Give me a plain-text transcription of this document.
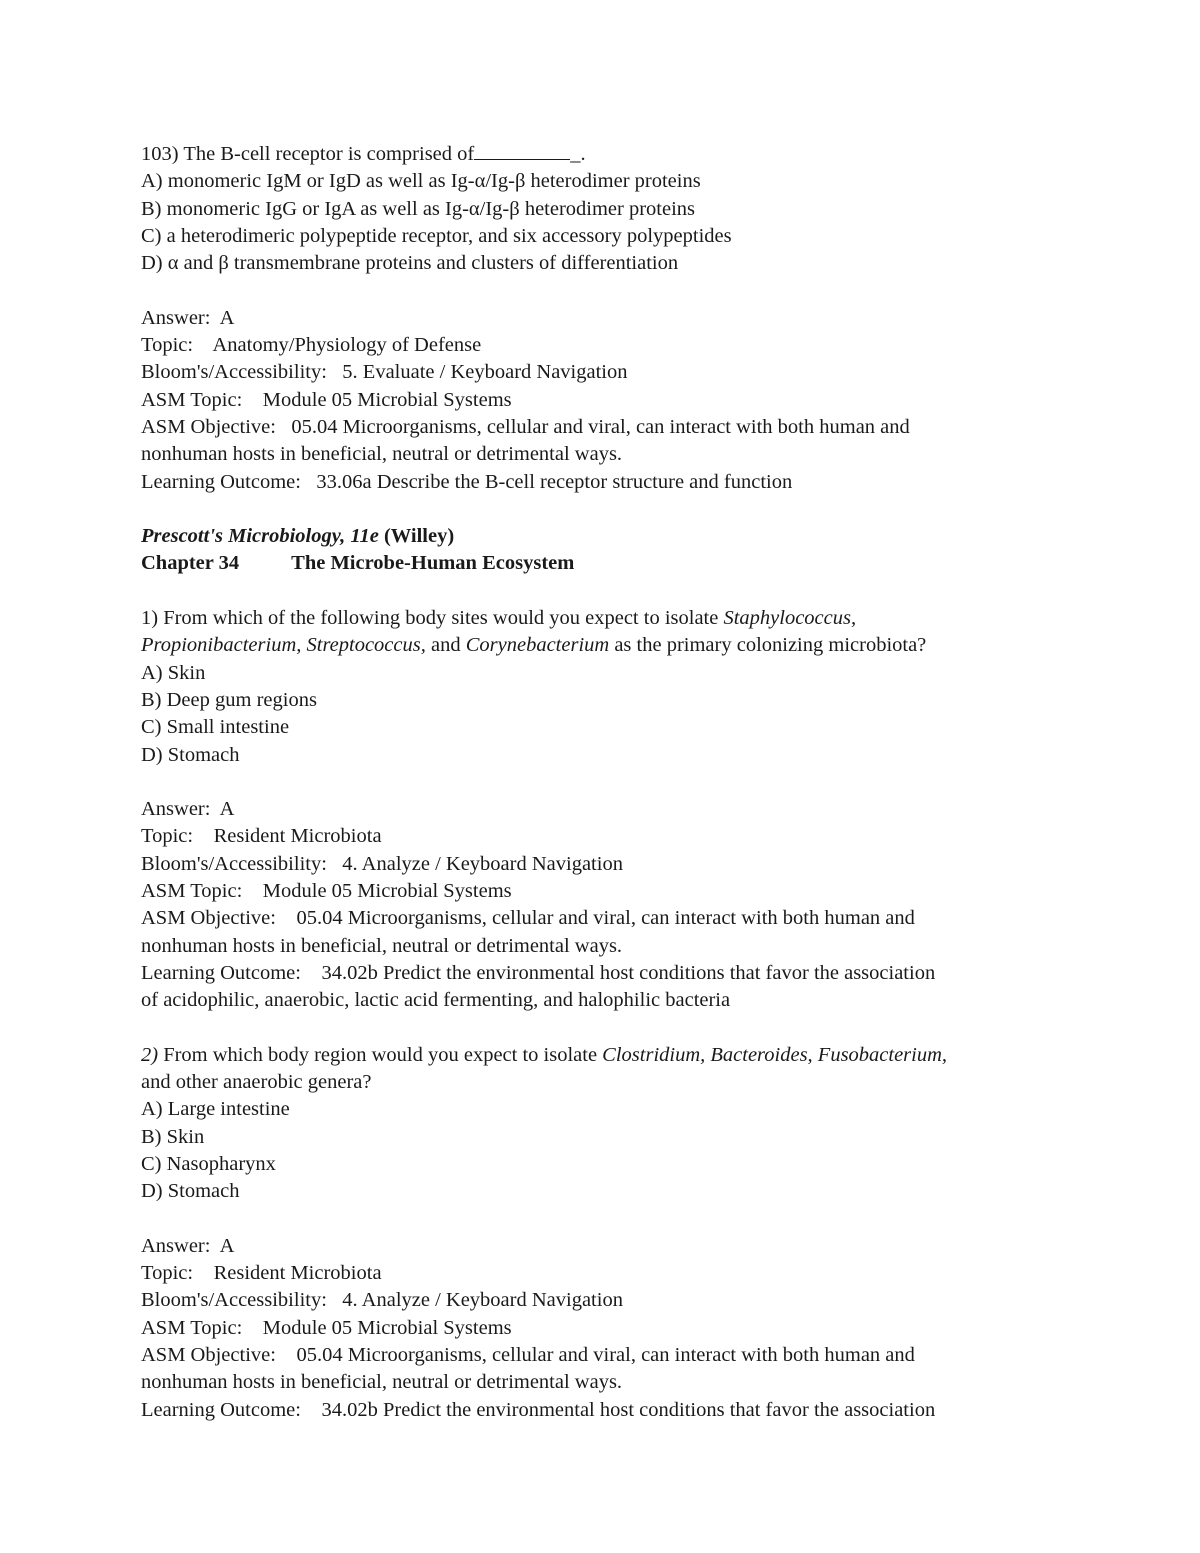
103) The B-cell receptor is comprised of	_.
A) monomeric IgM or IgD as well as Ig-α/Ig-β heterodimer proteins
B) monomeric IgG or IgA as well as Ig-α/Ig-β heterodimer proteins
C) a heterodimeric polypeptide receptor, and six accessory polypeptides
D) α and β transmembrane proteins and clusters of differentiation
Answer: A
Topic: Anatomy/Physiology of Defense
Bloom's/Accessibility: 5. Evaluate / Keyboard Navigation
ASM Topic: Module 05 Microbial Systems
ASM Objective: 05.04 Microorganisms, cellular and viral, can interact with both human and
nonhuman hosts in beneficial, neutral or detrimental ways.
Learning Outcome: 33.06a Describe the B-cell receptor structure and function
Prescott's Microbiology, 11e (Willey)
Chapter 34	The Microbe-Human Ecosystem
1) From which of the following body sites would you expect to isolate Staphylococcus,
Propionibacterium, Streptococcus, and Corynebacterium as the primary colonizing microbiota?
A) Skin
B) Deep gum regions
C) Small intestine
D) Stomach
Answer: A
Topic: Resident Microbiota
Bloom's/Accessibility: 4. Analyze / Keyboard Navigation
ASM Topic: Module 05 Microbial Systems
ASM Objective: 05.04 Microorganisms, cellular and viral, can interact with both human and
nonhuman hosts in beneficial, neutral or detrimental ways.
Learning Outcome: 34.02b Predict the environmental host conditions that favor the association
of acidophilic, anaerobic, lactic acid fermenting, and halophilic bacteria
2) From which body region would you expect to isolate Clostridium, Bacteroides, Fusobacterium,
and other anaerobic genera?
A) Large intestine
B) Skin
C) Nasopharynx
D) Stomach
Answer: A
Topic: Resident Microbiota
Bloom's/Accessibility: 4. Analyze / Keyboard Navigation
ASM Topic: Module 05 Microbial Systems
ASM Objective: 05.04 Microorganisms, cellular and viral, can interact with both human and
nonhuman hosts in beneficial, neutral or detrimental ways.
Learning Outcome: 34.02b Predict the environmental host conditions that favor the association
